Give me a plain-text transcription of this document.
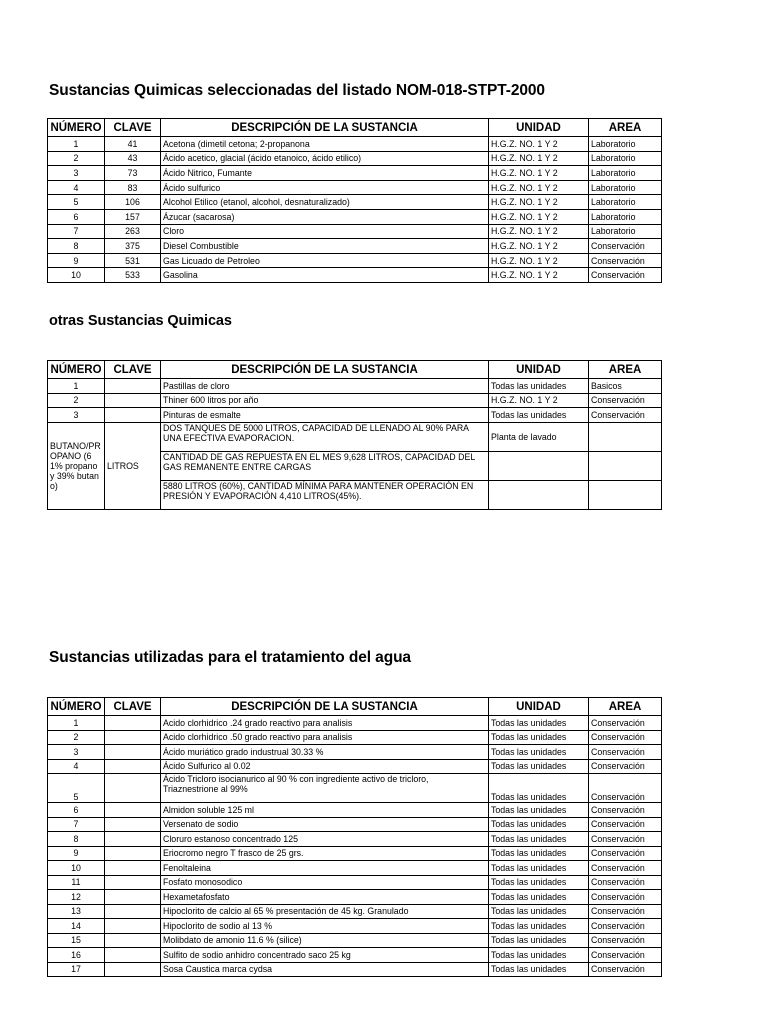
Sustancias Quimicas seleccionadas del listado NOM-018-STPT-2000
NÚMERO	CLAVE	DESCRIPCIÓN DE LA SUSTANCIA	UNIDAD	AREA
1	41	Acetona (dimetil cetona; 2-propanona	H.G.Z. NO. 1 Y 2	Laboratorio
2	43	Ácido acetico, glacial (ácido etanoico, ácido etilico)	H.G.Z. NO. 1 Y 2	Laboratorio
3	73	Ácido Nitrico, Fumante	H.G.Z. NO. 1 Y 2	Laboratorio
4	83	Ácido sulfurico	H.G.Z. NO. 1 Y 2	Laboratorio
5	106	Alcohol Etilico (etanol, alcohol, desnaturalizado)	H.G.Z. NO. 1 Y 2	Laboratorio
6	157	Ázucar (sacarosa)	H.G.Z. NO. 1 Y 2	Laboratorio
7	263	Cloro	H.G.Z. NO. 1 Y 2	Laboratorio
8	375	Diesel Combustible	H.G.Z. NO. 1 Y 2	Conservación
9	531	Gas Licuado de Petroleo	H.G.Z. NO. 1 Y 2	Conservación
10	533	Gasolina	H.G.Z. NO. 1 Y 2	Conservación
otras Sustancias Quimicas
NÚMERO	CLAVE	DESCRIPCIÓN DE LA SUSTANCIA	UNIDAD	AREA
1		Pastillas de cloro	Todas las unidades	Basicos
2		Thiner 600 litros por año	H.G.Z. NO. 1 Y 2	Conservación
3		Pinturas de esmalte	Todas las unidades	Conservación
BUTANO/PROPANO (61% propano y 39% butano)	LITROS	DOS TANQUES DE 5000 LITROS, CAPACIDAD DE LLENADO AL 90% PARA UNA EFECTIVA EVAPORACION.	Planta de lavado	
		CANTIDAD DE GAS REPUESTA EN EL MES 9,628 LITROS, CAPACIDAD DEL GAS REMANENTE ENTRE CARGAS		
		5880 LITROS (60%), CANTIDAD MÍNIMA PARA MANTENER OPERACIÓN EN PRESIÓN Y EVAPORACIÓN 4,410 LITROS(45%).		
Sustancias utilizadas para el tratamiento del agua
NÚMERO	CLAVE	DESCRIPCIÓN DE LA SUSTANCIA	UNIDAD	AREA
1		Acido clorhidrico .24 grado reactivo para analisis	Todas las unidades	Conservación
2		Acido clorhidrico .50 grado reactivo para analisis	Todas las unidades	Conservación
3		Ácido muriático grado industrual 30.33 %	Todas las unidades	Conservación
4		Ácido Sulfurico al 0.02	Todas las unidades	Conservación
5		Ácido Tricloro isocianurico al 90 % con ingrediente activo de tricloro, Triaznestrione al 99%	Todas las unidades	Conservación
6		Almidon soluble 125 ml	Todas las unidades	Conservación
7		Versenato de sodio	Todas las unidades	Conservación
8		Cloruro estanoso concentrado 125	Todas las unidades	Conservación
9		Eriocromo negro T frasco de 25 grs.	Todas las unidades	Conservación
10		Fenoltaleina	Todas las unidades	Conservación
11		Fosfato monosodico	Todas las unidades	Conservación
12		Hexametafosfato	Todas las unidades	Conservación
13		Hipoclorito de calcio al 65 % presentación de 45 kg. Granulado	Todas las unidades	Conservación
14		Hipoclorito de sodio al 13 %	Todas las unidades	Conservación
15		Molibdato de amonio 11.6 % (silice)	Todas las unidades	Conservación
16		Sulfito de sodio anhidro concentrado saco 25 kg	Todas las unidades	Conservación
17		Sosa Caustica marca cydsa	Todas las unidades	Conservación
